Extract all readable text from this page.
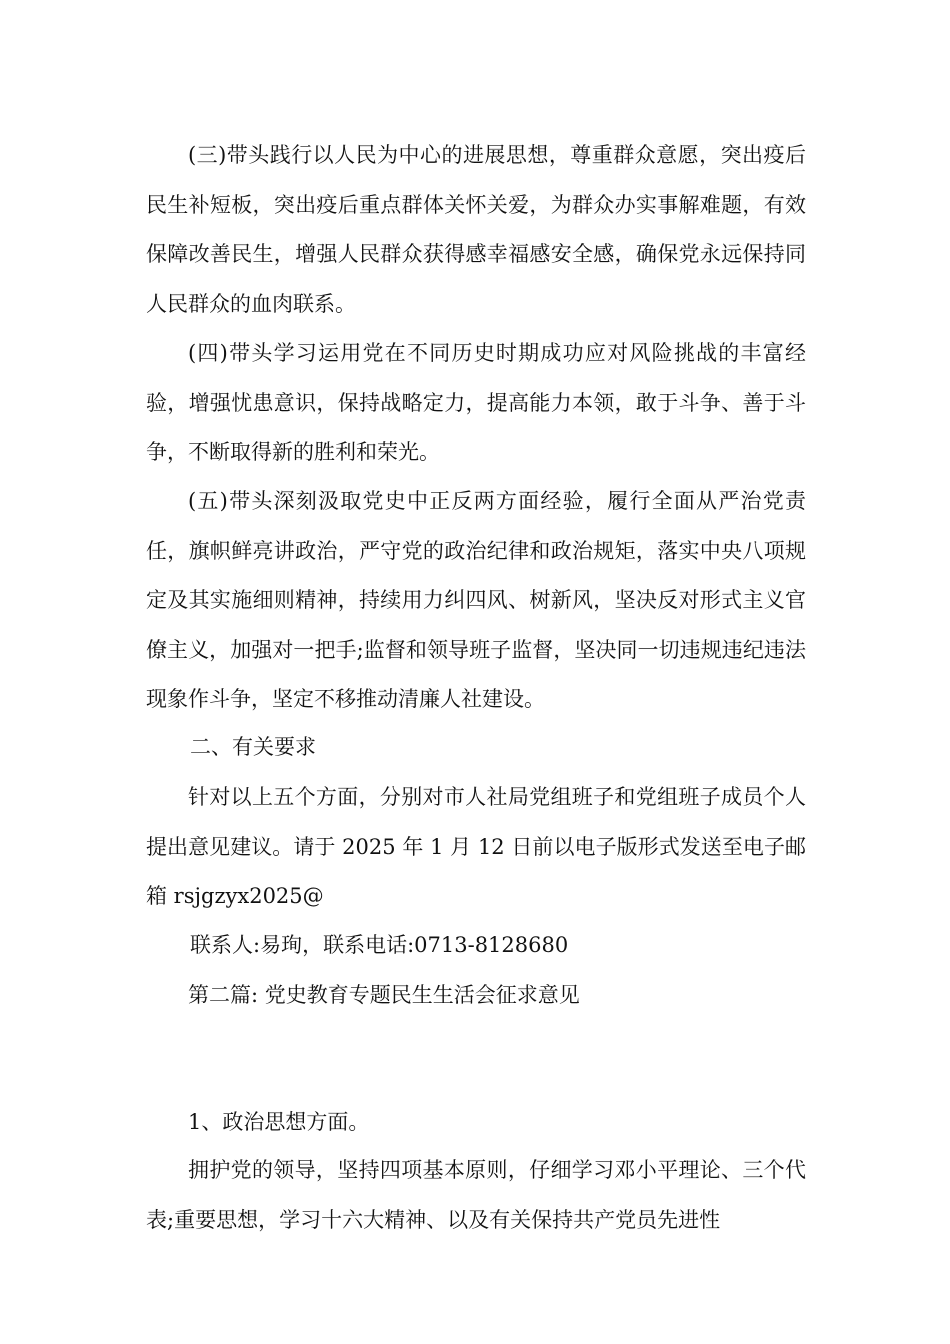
(三)带头践行以人民为中心的进展思想，尊重群众意愿，突出疫后民生补短板，突出疫后重点群体关怀关爱，为群众办实事解难题，有效保障改善民生，增强人民群众获得感幸福感安全感，确保党永远保持同人民群众的血肉联系。

(四)带头学习运用党在不同历史时期成功应对风险挑战的丰富经验，增强忧患意识，保持战略定力，提高能力本领，敢于斗争、善于斗争，不断取得新的胜利和荣光。

(五)带头深刻汲取党史中正反两方面经验，履行全面从严治党责任，旗帜鲜亮讲政治，严守党的政治纪律和政治规矩，落实中央八项规定及其实施细则精神，持续用力纠四风、树新风，坚决反对形式主义官僚主义，加强对一把手;监督和领导班子监督，坚决同一切违规违纪违法现象作斗争，坚定不移推动清廉人社建设。

二、有关要求

针对以上五个方面，分别对市人社局党组班子和党组班子成员个人提出意见建议。请于 2025 年 1 月 12 日前以电子版形式发送至电子邮箱 rsjgzyx2025@

联系人:易珣，联系电话:0713-8128680

第二篇: 党史教育专题民生生活会征求意见

1、政治思想方面。

拥护党的领导，坚持四项基本原则，仔细学习邓小平理论、三个代表;重要思想，学习十六大精神、以及有关保持共产党员先进性
